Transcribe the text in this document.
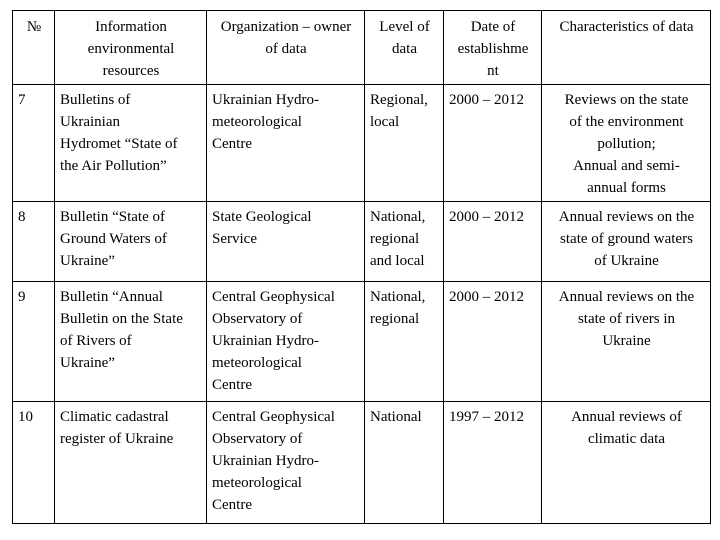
№	Information
environmental
resources	Organization – owner
of data	Level of
data	Date of
establishme
nt	Characteristics of data
7	Bulletins of
Ukrainian
Hydromet “State of
the Air Pollution”	Ukrainian Hydro-
meteorological
Centre	Regional,
local	2000 – 2012	Reviews on the state
of the environment
pollution;
Annual and semi-
annual forms
8	Bulletin “State of
Ground Waters of
Ukraine”	State Geological
Service	National,
regional
and local	2000 – 2012	Annual reviews on the
state of ground waters
of Ukraine
9	Bulletin “Annual
Bulletin on the State
of Rivers of
Ukraine”	Central Geophysical
Observatory of
Ukrainian Hydro-
meteorological
Centre	National,
regional	2000 – 2012	Annual reviews on the
state of rivers in
Ukraine
10	Climatic cadastral
register of Ukraine	Central Geophysical
Observatory of
Ukrainian Hydro-
meteorological
Centre	National	1997 – 2012	Annual reviews of
climatic data
